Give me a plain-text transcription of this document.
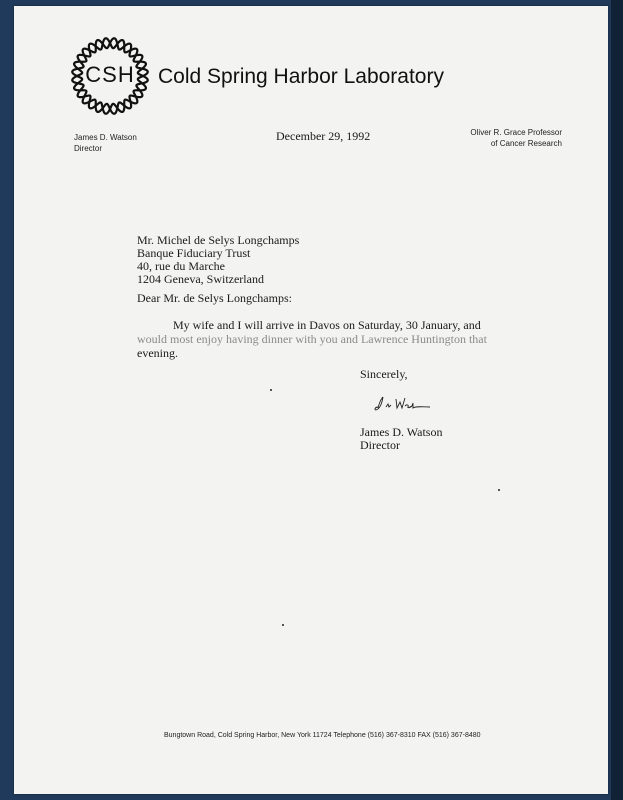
CSH	Cold Spring Harbor Laboratory
James D. Watson
Director
Oliver R. Grace Professor
of Cancer Research
December 29, 1992
Mr. Michel de Selys Longchamps
Banque Fiduciary Trust
40, rue du Marche
1204 Geneva, Switzerland
Dear Mr. de Selys Longchamps:
My wife and I will arrive in Davos on Saturday, 30 January, and
would most enjoy having dinner with you and Lawrence Huntington that
evening.
Sincerely,
James D. Watson
Director
Bungtown Road, Cold Spring Harbor, New York 11724 Telephone (516) 367-8310 FAX (516) 367-8480
